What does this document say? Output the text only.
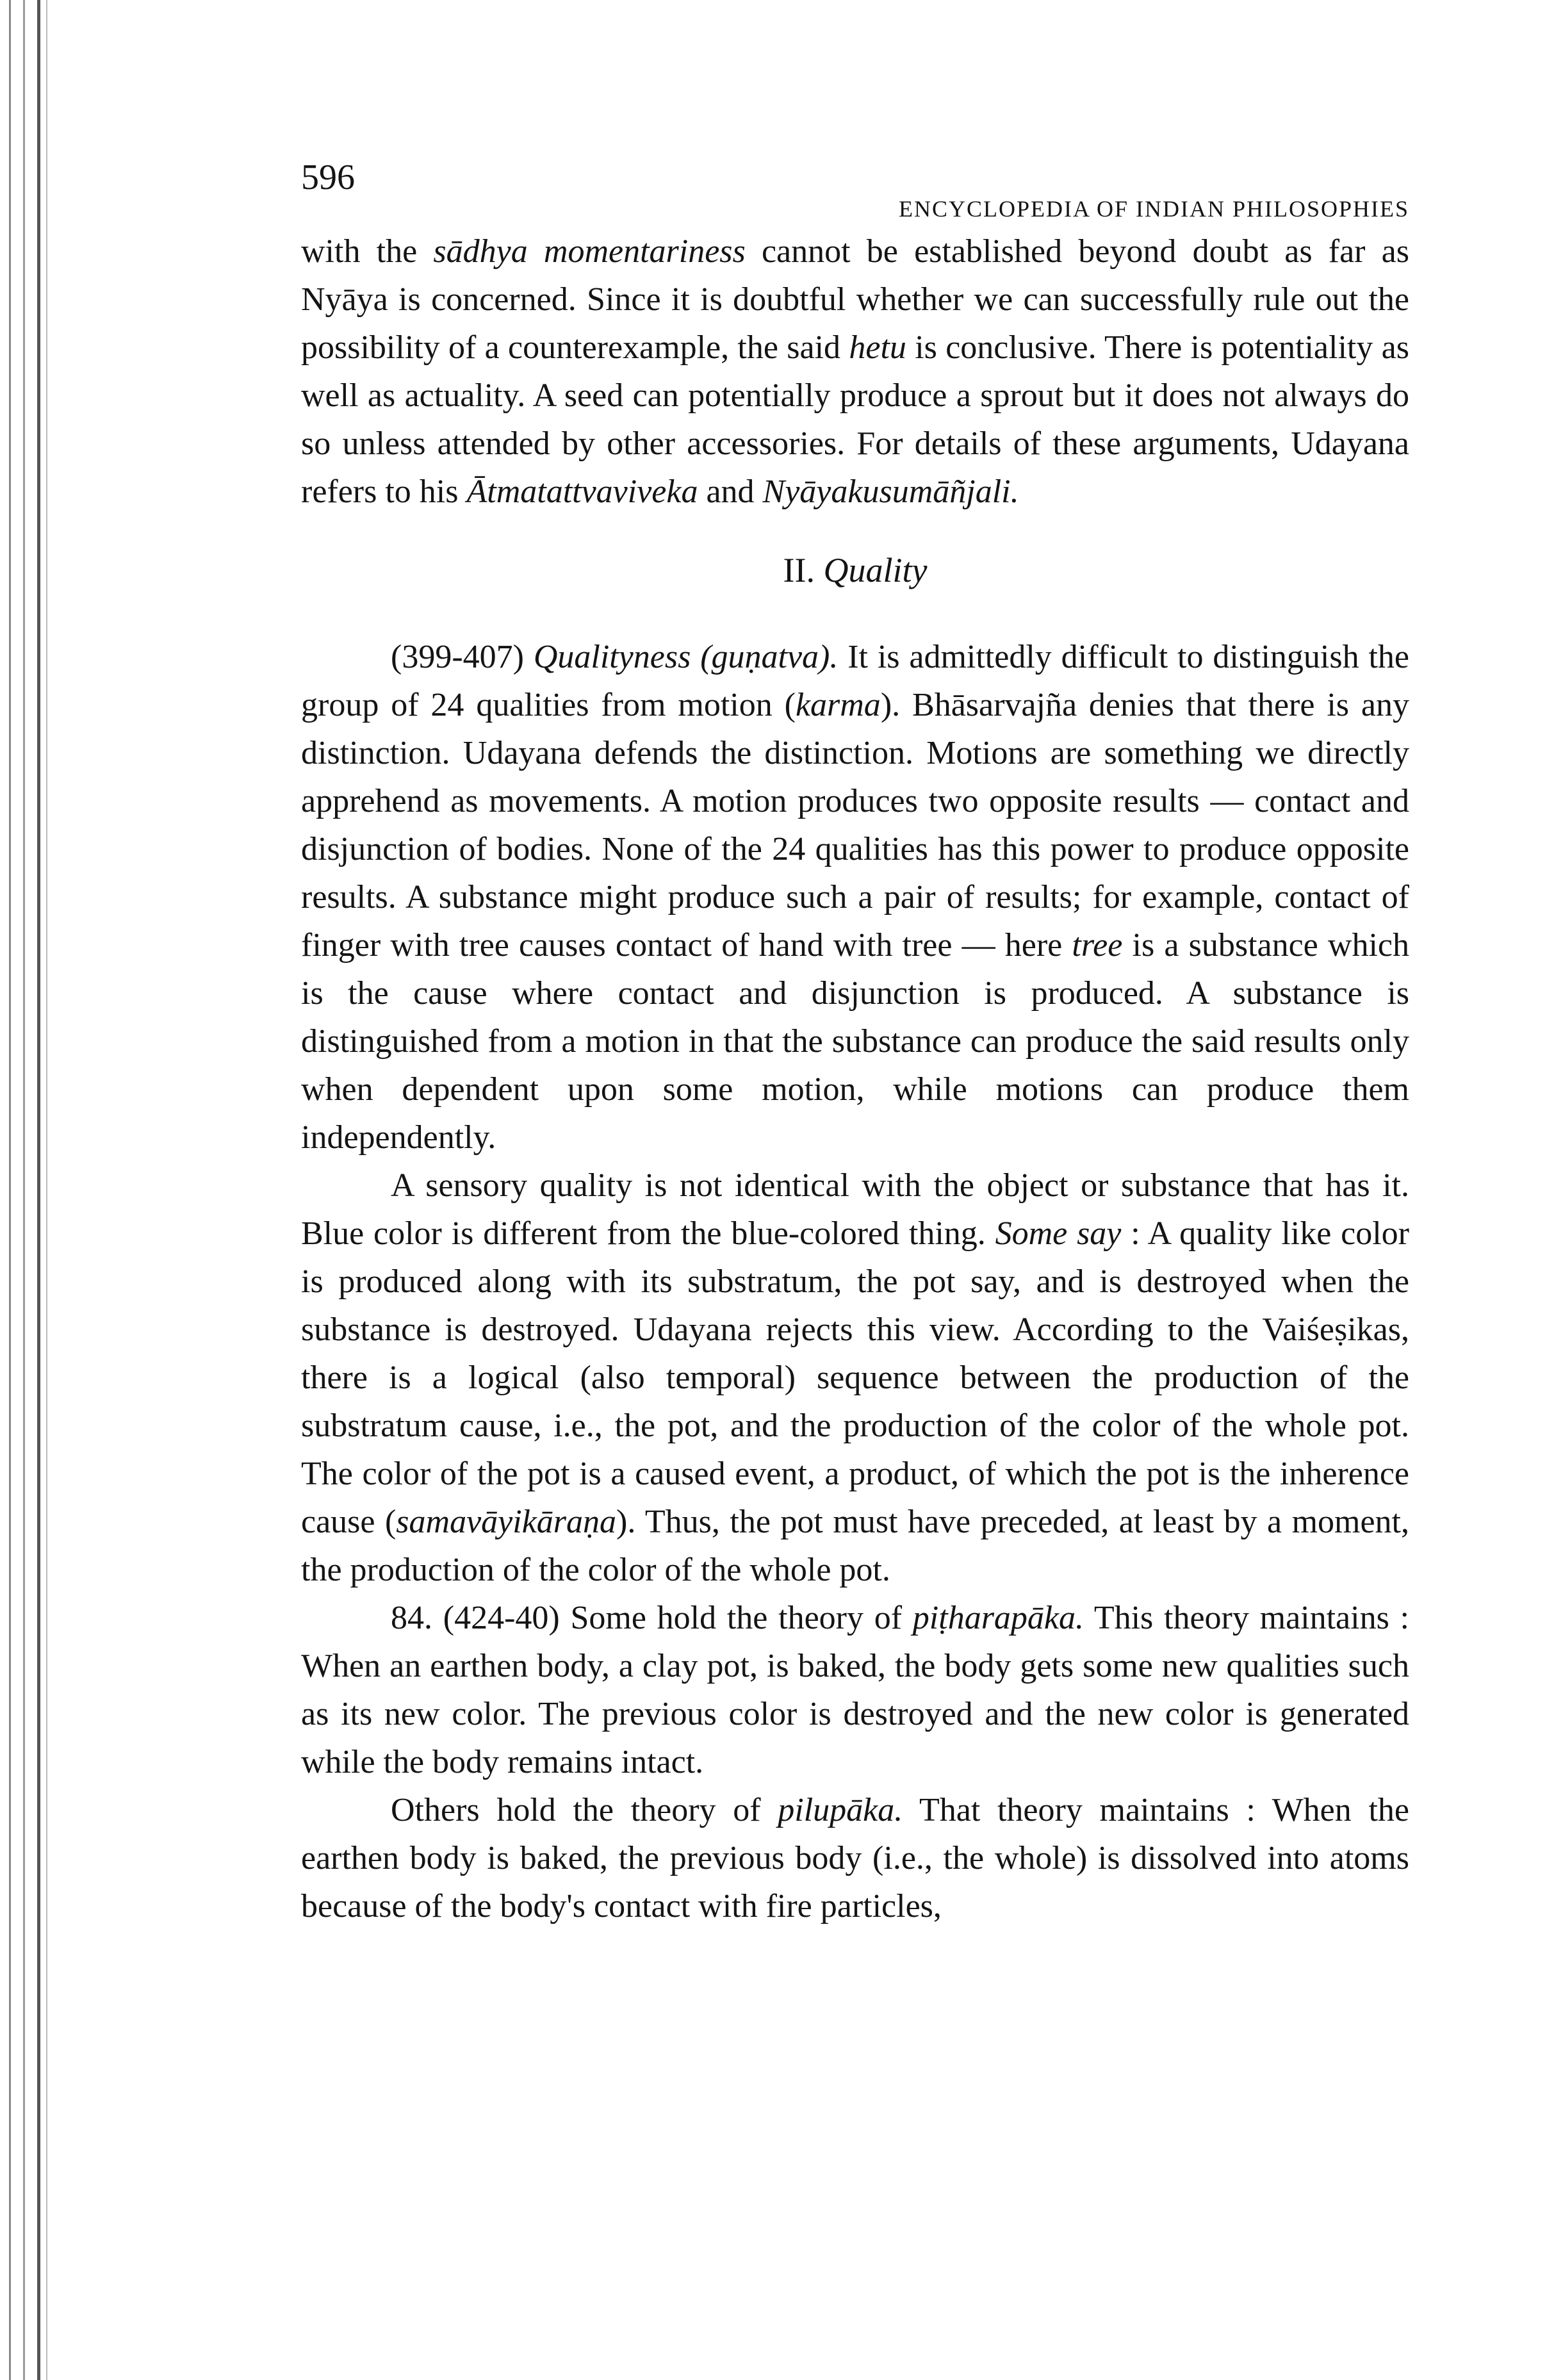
596
ENCYCLOPEDIA OF INDIAN PHILOSOPHIES

with the sādhya momentariness cannot be established beyond doubt as far as Nyāya is concerned. Since it is doubtful whether we can successfully rule out the possibility of a counterexample, the said hetu is conclusive. There is potentiality as well as actuality. A seed can potentially produce a sprout but it does not always do so unless attended by other accessories. For details of these arguments, Udayana refers to his Ātmatattvaviveka and Nyāyakusumāñjali.

II. Quality

(399-407) Qualityness (guṇatva). It is admittedly difficult to distinguish the group of 24 qualities from motion (karma). Bhāsarvajña denies that there is any distinction. Udayana defends the distinction. Motions are something we directly apprehend as movements. A motion produces two opposite results — contact and disjunction of bodies. None of the 24 qualities has this power to produce opposite results. A substance might produce such a pair of results; for example, contact of finger with tree causes contact of hand with tree — here tree is a substance which is the cause where contact and disjunction is produced. A substance is distinguished from a motion in that the substance can produce the said results only when dependent upon some motion, while motions can produce them independently.

A sensory quality is not identical with the object or substance that has it. Blue color is different from the blue-colored thing. Some say : A quality like color is produced along with its substratum, the pot say, and is destroyed when the substance is destroyed. Udayana rejects this view. According to the Vaiśeṣikas, there is a logical (also temporal) sequence between the production of the substratum cause, i.e., the pot, and the production of the color of the whole pot. The color of the pot is a caused event, a product, of which the pot is the inherence cause (samavāyikāraṇa). Thus, the pot must have preceded, at least by a moment, the production of the color of the whole pot.

84. (424-40) Some hold the theory of piṭharapāka. This theory maintains : When an earthen body, a clay pot, is baked, the body gets some new qualities such as its new color. The previous color is destroyed and the new color is generated while the body remains intact.

Others hold the theory of pilupāka. That theory maintains : When the earthen body is baked, the previous body (i.e., the whole) is dissolved into atoms because of the body's contact with fire particles,
